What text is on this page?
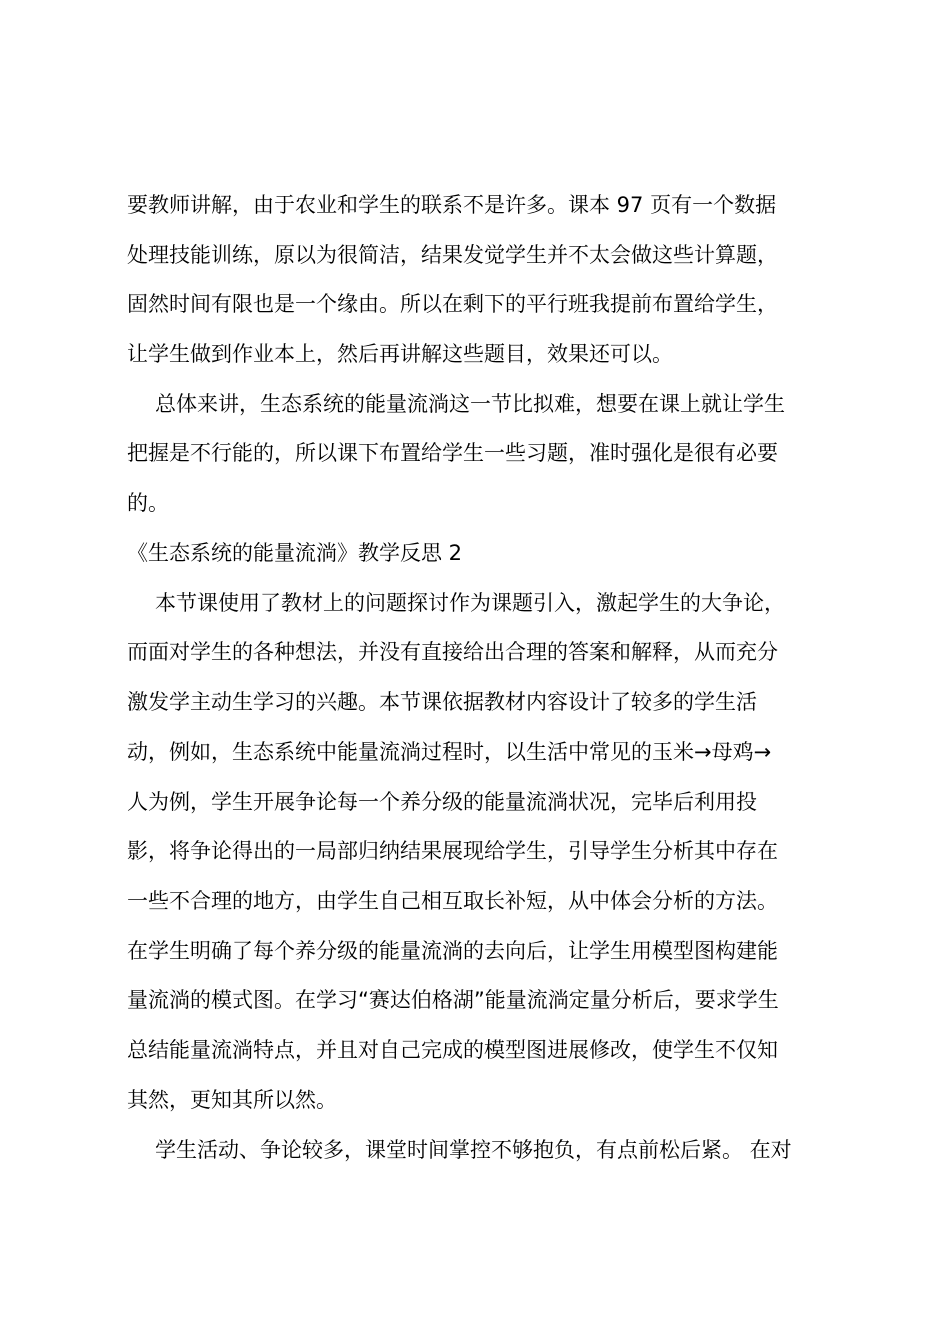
要教师讲解，由于农业和学生的联系不是许多。课本 97 页有一个数据
处理技能训练，原以为很简洁，结果发觉学生并不太会做这些计算题，
固然时间有限也是一个缘由。所以在剩下的平行班我提前布置给学生，
让学生做到作业本上，然后再讲解这些题目，效果还可以。
总体来讲，生态系统的能量流淌这一节比拟难，想要在课上就让学生
把握是不行能的，所以课下布置给学生一些习题，准时强化是很有必要
的。
《生态系统的能量流淌》教学反思 2
本节课使用了教材上的问题探讨作为课题引入，激起学生的大争论，
而面对学生的各种想法，并没有直接给出合理的答案和解释，从而充分
激发学主动生学习的兴趣。本节课依据教材内容设计了较多的学生活
动，例如，生态系统中能量流淌过程时，以生活中常见的玉米→母鸡→
人为例，学生开展争论每一个养分级的能量流淌状况，完毕后利用投
影，将争论得出的一局部归纳结果展现给学生，引导学生分析其中存在
一些不合理的地方，由学生自己相互取长补短，从中体会分析的方法。
在学生明确了每个养分级的能量流淌的去向后，让学生用模型图构建能
量流淌的模式图。在学习“赛达伯格湖”能量流淌定量分析后，要求学生
总结能量流淌特点，并且对自己完成的模型图进展修改，使学生不仅知
其然，更知其所以然。
学生活动、争论较多，课堂时间掌控不够抱负，有点前松后紧。 在对
